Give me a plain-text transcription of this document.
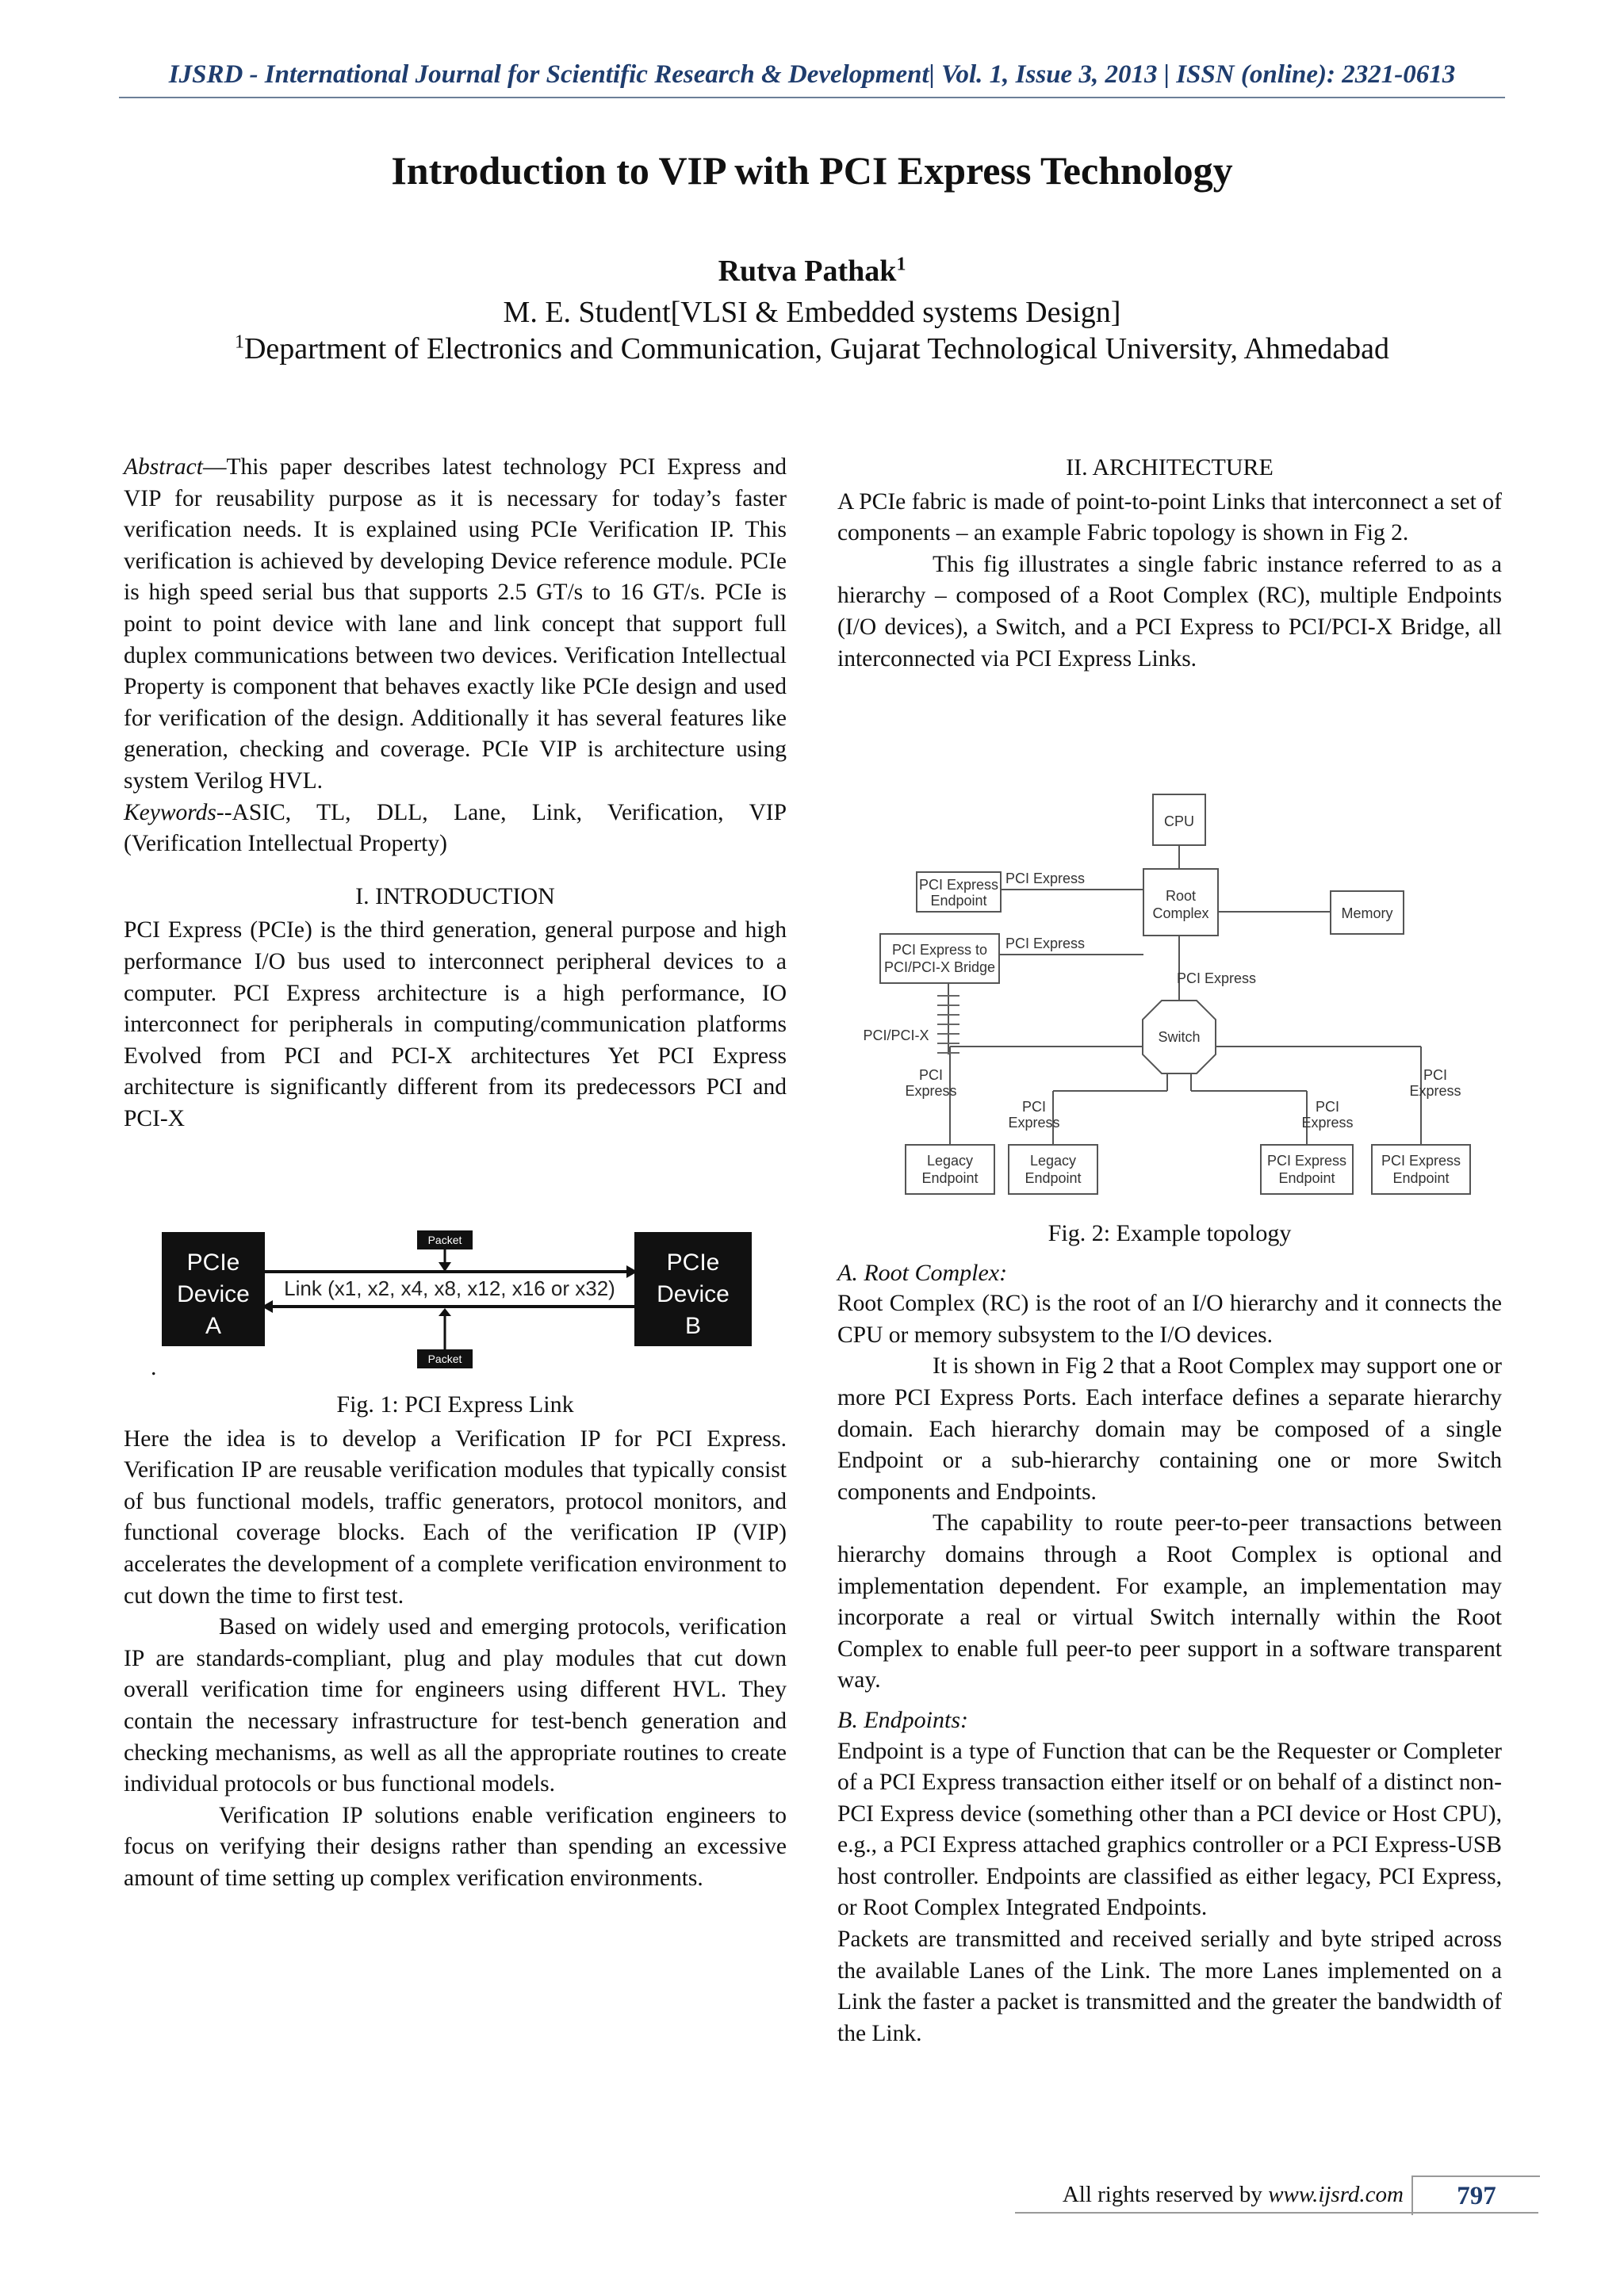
IJSRD - International Journal for Scientific Research & Development| Vol. 1, Issue 3, 2013 | ISSN (online): 2321-0613
Introduction to VIP with PCI Express Technology
Rutva Pathak$^1$
M. E. Student[VLSI & Embedded systems Design]
$^1$Department of Electronics and Communication, Gujarat Technological University, Ahmedabad

Abstract—This paper describes latest technology PCI Express and VIP for reusability purpose as it is necessary for today’s faster verification needs. It is explained using PCIe Verification IP. This verification is achieved by developing Device reference module. PCIe is high speed serial bus that supports 2.5 GT/s to 16 GT/s. PCIe is point to point device with lane and link concept that support full duplex communications between two devices. Verification Intellectual Property is component that behaves exactly like PCIe design and used for verification of the design. Additionally it has several features like generation, checking and coverage. PCIe VIP is architecture using system Verilog HVL.

Keywords--ASIC, TL, DLL, Lane, Link, Verification, VIP (Verification Intellectual Property)

I. INTRODUCTION

PCI Express (PCIe) is the third generation, general purpose and high performance I/O bus used to interconnect peripheral devices to a computer. PCI Express architecture is a high performance, IO interconnect for peripherals in computing/communication platforms Evolved from PCI and PCI-X architectures Yet PCI Express architecture is significantly different from its predecessors PCI and PCI-X

PCIe
Device
A
PCIe
Device
B
Packet
Link (x1, x2, x4, x8, x12, x16 or x32)
Packet
.

Fig. 1: PCI Express Link

Here the idea is to develop a Verification IP for PCI Express. Verification IP are reusable verification modules that typically consist of bus functional models, traffic generators, protocol monitors, and functional coverage blocks. Each of the verification IP (VIP) accelerates the development of a complete verification environment to cut down the time to first test.

Based on widely used and emerging protocols, verification IP are standards-compliant, plug and play modules that cut down overall verification time for engineers using different HVL. They contain the necessary infrastructure for test-bench generation and checking mechanisms, as well as all the appropriate routines to create individual protocols or bus functional models.

Verification IP solutions enable verification engineers to focus on verifying their designs rather than spending an excessive amount of time setting up complex verification environments.

II. ARCHITECTURE

A PCIe fabric is made of point-to-point Links that interconnect a set of components – an example Fabric topology is shown in Fig 2.

This fig illustrates a single fabric instance referred to as a hierarchy – composed of a Root Complex (RC), multiple Endpoints (I/O devices), a Switch, and a PCI Express to PCI/PCI-X Bridge, all interconnected via PCI Express Links.

CPU
Root
Complex	Memory
PCI Express
Endpoint
PCI Express to
PCI/PCI-X Bridge
PCI Express
PCI Express
PCI Express
PCI/PCI-X	Switch
PCI
Express
PCI
Express
PCI
Express
PCI
Express
Legacy
Endpoint
Legacy
Endpoint
PCI Express
Endpoint
PCI Express
Endpoint

Fig. 2: Example topology

A. Root Complex:

Root Complex (RC) is the root of an I/O hierarchy and it connects the CPU or memory subsystem to the I/O devices.

It is shown in Fig 2 that a Root Complex may support one or more PCI Express Ports. Each interface defines a separate hierarchy domain. Each hierarchy domain may be composed of a single Endpoint or a sub-hierarchy containing one or more Switch components and Endpoints.

The capability to route peer-to-peer transactions between hierarchy domains through a Root Complex is optional and implementation dependent. For example, an implementation may incorporate a real or virtual Switch internally within the Root Complex to enable full peer-to peer support in a software transparent way.

B. Endpoints:

Endpoint is a type of Function that can be the Requester or Completer of a PCI Express transaction either itself or on behalf of a distinct non-PCI Express device (something other than a PCI device or Host CPU), e.g., a PCI Express attached graphics controller or a PCI Express-USB host controller. Endpoints are classified as either legacy, PCI Express, or Root Complex Integrated Endpoints.

Packets are transmitted and received serially and byte striped across the available Lanes of the Link. The more Lanes implemented on a Link the faster a packet is transmitted and the greater the bandwidth of the Link.

All rights reserved by www.ijsrd.com	797
